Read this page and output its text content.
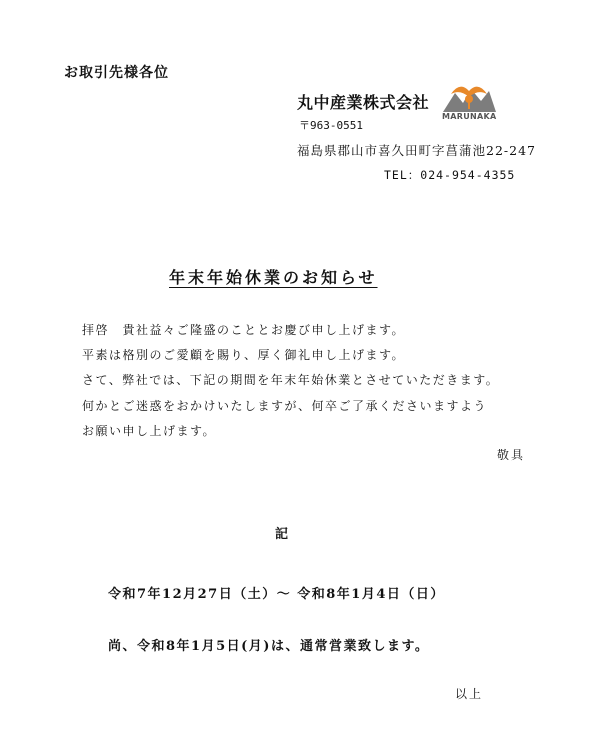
お取引先様各位
丸中産業株式会社
MARUNAKA
〒963-0551
福島県郡山市喜久田町字菖蒲池22-247
TEL：024-954-4355
年末年始休業のお知らせ
拝啓　貴社益々ご隆盛のこととお慶び申し上げます。
平素は格別のご愛顧を賜り、厚く御礼申し上げます。
さて、弊社では、下記の期間を年末年始休業とさせていただきます。
何かとご迷惑をおかけいたしますが、何卒ご了承くださいますよう
お願い申し上げます。
敬具
記
令和7年12月27日（土）～ 令和8年1月4日（日）
尚、令和8年1月5日(月)は、通常営業致します。
以上
